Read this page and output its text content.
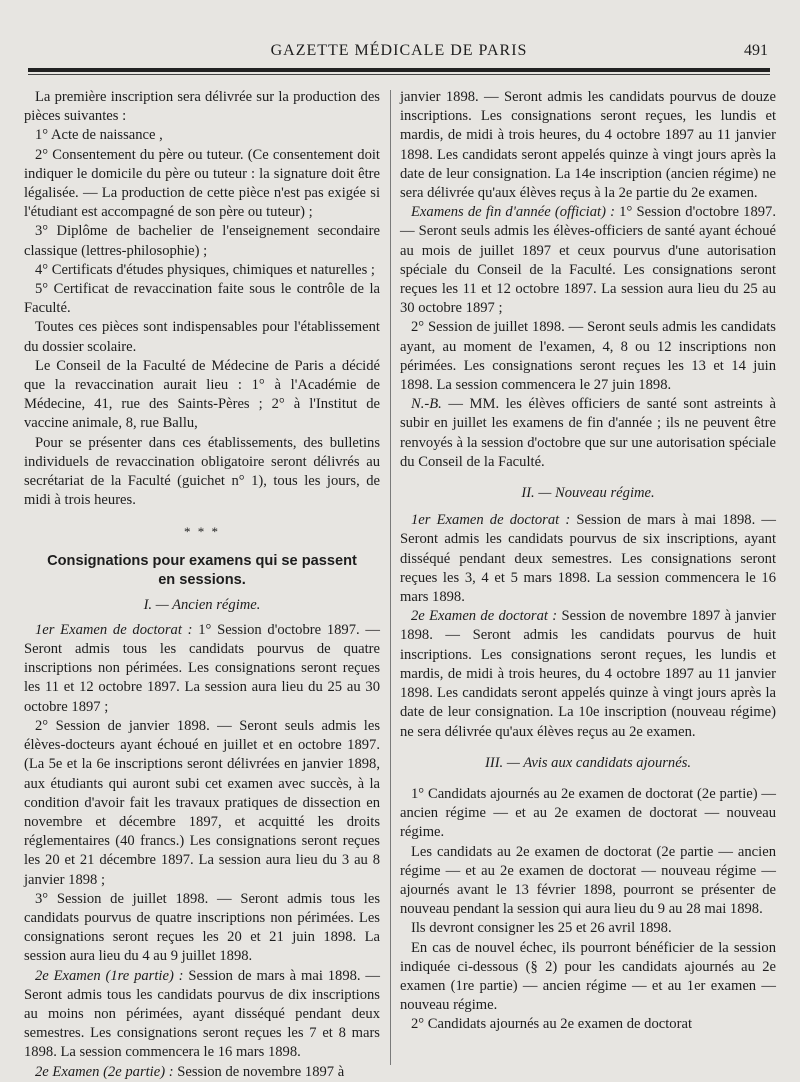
GAZETTE MÉDICALE DE PARIS	491

La première inscription sera délivrée sur la production des pièces suivantes :

1° Acte de naissance ,

2° Consentement du père ou tuteur. (Ce consentement doit indiquer le domicile du père ou tuteur : la signature doit être légalisée. — La production de cette pièce n'est pas exigée si l'étudiant est accompagné de son père ou tuteur) ;

3° Diplôme de bachelier de l'enseignement secondaire classique (lettres-philosophie) ;

4° Certificats d'études physiques, chimiques et naturelles ;

5° Certificat de revaccination faite sous le contrôle de la Faculté.

Toutes ces pièces sont indispensables pour l'établissement du dossier scolaire.

Le Conseil de la Faculté de Médecine de Paris a décidé que la revaccination aurait lieu : 1° à l'Académie de Médecine, 41, rue des Saints-Pères ; 2° à l'Institut de vaccine animale, 8, rue Ballu,

Pour se présenter dans ces établissements, des bulletins individuels de revaccination obligatoire seront délivrés au secrétariat de la Faculté (guichet n° 1), tous les jours, de midi à trois heures.

* * *
Consignations pour examens qui se passent
en sessions.
I. — Ancien régime.

1er Examen de doctorat : 1° Session d'octobre 1897. — Seront admis tous les candidats pourvus de quatre inscriptions non périmées. Les consignations seront reçues les 11 et 12 octobre 1897. La session aura lieu du 25 au 30 octobre 1897 ;

2° Session de janvier 1898. — Seront seuls admis les élèves-docteurs ayant échoué en juillet et en octobre 1897. (La 5e et la 6e inscriptions seront délivrées en janvier 1898, aux étudiants qui auront subi cet examen avec succès, à la condition d'avoir fait les travaux pratiques de dissection en novembre et décembre 1897, et acquitté les droits réglementaires (40 francs.) Les consignations seront reçues les 20 et 21 décembre 1897. La session aura lieu du 3 au 8 janvier 1898 ;

3° Session de juillet 1898. — Seront admis tous les candidats pourvus de quatre inscriptions non périmées. Les consignations seront reçues les 20 et 21 juin 1898. La session aura lieu du 4 au 9 juillet 1898.

2e Examen (1re partie) : Session de mars à mai 1898. — Seront admis tous les candidats pourvus de dix inscriptions au moins non périmées, ayant disséqué pendant deux semestres. Les consignations seront reçues les 7 et 8 mars 1898. La session commencera le 16 mars 1898.

2e Examen (2e partie) : Session de novembre 1897 à

janvier 1898. — Seront admis les candidats pourvus de douze inscriptions. Les consignations seront reçues, les lundis et mardis, de midi à trois heures, du 4 octobre 1897 au 11 janvier 1898. Les candidats seront appelés quinze à vingt jours après la date de leur consignation. La 14e inscription (ancien régime) ne sera délivrée qu'aux élèves reçus à la 2e partie du 2e examen.

Examens de fin d'année (officiat) : 1° Session d'octobre 1897. — Seront seuls admis les élèves-officiers de santé ayant échoué au mois de juillet 1897 et ceux pourvus d'une autorisation spéciale du Conseil de la Faculté. Les consignations seront reçues les 11 et 12 octobre 1897. La session aura lieu du 25 au 30 octobre 1897 ;

2° Session de juillet 1898. — Seront seuls admis les candidats ayant, au moment de l'examen, 4, 8 ou 12 inscriptions non périmées. Les consignations seront reçues les 13 et 14 juin 1898. La session commencera le 27 juin 1898.

N.-B. — MM. les élèves officiers de santé sont astreints à subir en juillet les examens de fin d'année ; ils ne peuvent être renvoyés à la session d'octobre que sur une autorisation spéciale du Conseil de la Faculté.

II. — Nouveau régime.

1er Examen de doctorat : Session de mars à mai 1898. — Seront admis les candidats pourvus de six inscriptions, ayant disséqué pendant deux semestres. Les consignations seront reçues les 3, 4 et 5 mars 1898. La session commencera le 16 mars 1898.

2e Examen de doctorat : Session de novembre 1897 à janvier 1898. — Seront admis les candidats pourvus de huit inscriptions. Les consignations seront reçues, les lundis et mardis, de midi à trois heures, du 4 octobre 1897 au 11 janvier 1898. Les candidats seront appelés quinze à vingt jours après la date de leur consignation. La 10e inscription (nouveau régime) ne sera délivrée qu'aux élèves reçus au 2e examen.

III. — Avis aux candidats ajournés.

1° Candidats ajournés au 2e examen de doctorat (2e partie) — ancien régime — et au 2e examen de doctorat — nouveau régime.

Les candidats au 2e examen de doctorat (2e partie — ancien régime — et au 2e examen de doctorat — nouveau régime — ajournés avant le 13 février 1898, pourront se présenter de nouveau pendant la session qui aura lieu du 9 au 28 mai 1898.

Ils devront consigner les 25 et 26 avril 1898.

En cas de nouvel échec, ils pourront bénéficier de la session indiquée ci-dessous (§ 2) pour les candidats ajournés au 2e examen (1re partie) — ancien régime — et au 1er examen — nouveau régime.

2° Candidats ajournés au 2e examen de doctorat
